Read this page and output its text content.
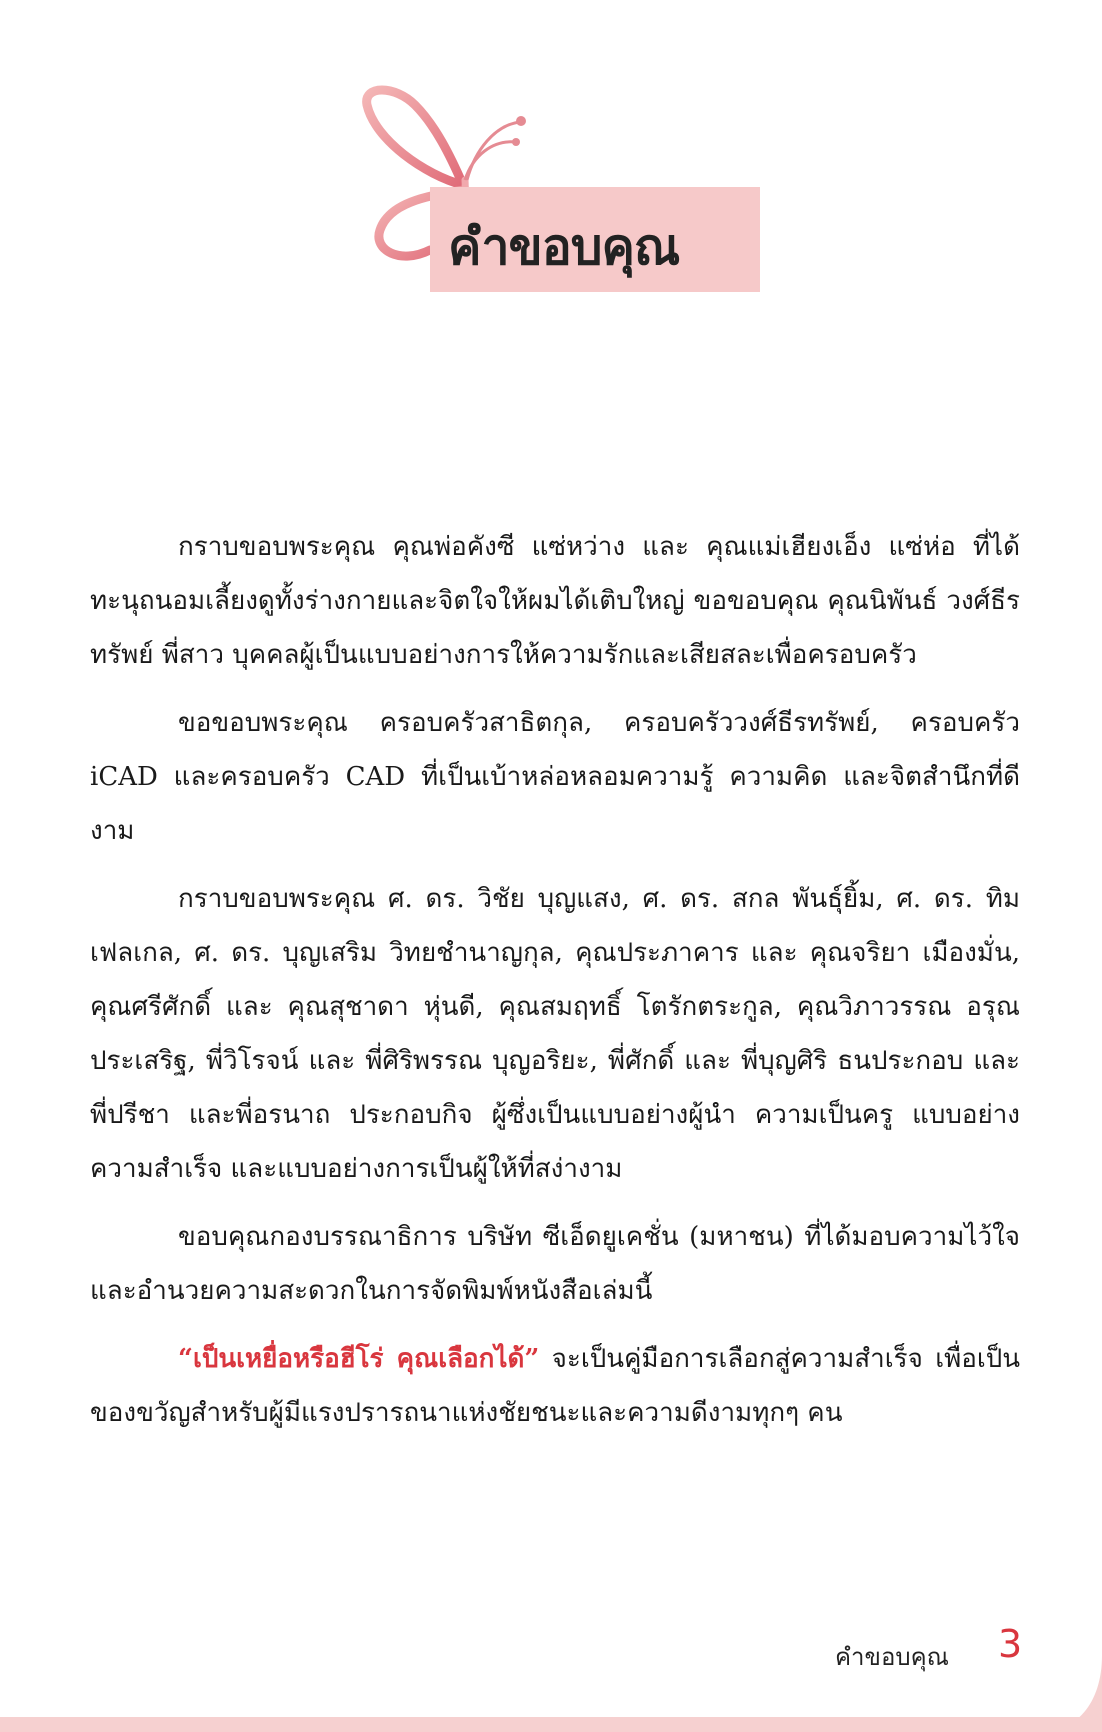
คำขอบคุณ

กราบขอบพระคุณ คุณพ่อคังซี แซ่หว่าง และ คุณแม่เฮียงเอ็ง แซ่ห่อ ที่ได้ทะนุถนอมเลี้ยงดูทั้งร่างกายและจิตใจให้ผมได้เติบใหญ่ ขอขอบคุณ คุณนิพันธ์ วงศ์ธีรทรัพย์ พี่สาว บุคคลผู้เป็นแบบอย่างการให้ความรักและเสียสละเพื่อครอบครัว

ขอขอบพระคุณ ครอบครัวสาธิตกุล, ครอบครัววงศ์ธีรทรัพย์, ครอบครัว iCAD และครอบครัว CAD ที่เป็นเบ้าหล่อหลอมความรู้ ความคิด และจิตสำนึกที่ดีงาม

กราบขอบพระคุณ ศ. ดร. วิชัย บุญแสง, ศ. ดร. สกล พันธุ์ยิ้ม, ศ. ดร. ทิม เฟลเกล, ศ. ดร. บุญเสริม วิทยชำนาญกุล, คุณประภาคาร และ คุณจริยา เมืองมั่น, คุณศรีศักดิ์ และ คุณสุชาดา หุ่นดี, คุณสมฤทธิ์ โตรักตระกูล, คุณวิภาวรรณ อรุณประเสริฐ, พี่วิโรจน์ และ พี่ศิริพรรณ บุญอริยะ, พี่ศักดิ์ และ พี่บุญศิริ ธนประกอบ และพี่ปรีชา และพี่อรนาถ ประกอบกิจ ผู้ซึ่งเป็นแบบอย่างผู้นำ ความเป็นครู แบบอย่างความสำเร็จ และแบบอย่างการเป็นผู้ให้ที่สง่างาม

ขอบคุณกองบรรณาธิการ บริษัท ซีเอ็ดยูเคชั่น (มหาชน) ที่ได้มอบความไว้ใจ และอำนวยความสะดวกในการจัดพิมพ์หนังสือเล่มนี้

“เป็นเหยื่อหรือฮีโร่ คุณเลือกได้” จะเป็นคู่มือการเลือกสู่ความสำเร็จ เพื่อเป็นของขวัญสำหรับผู้มีแรงปรารถนาแห่งชัยชนะและความดีงามทุกๆ คน

คำขอบคุณ 3
